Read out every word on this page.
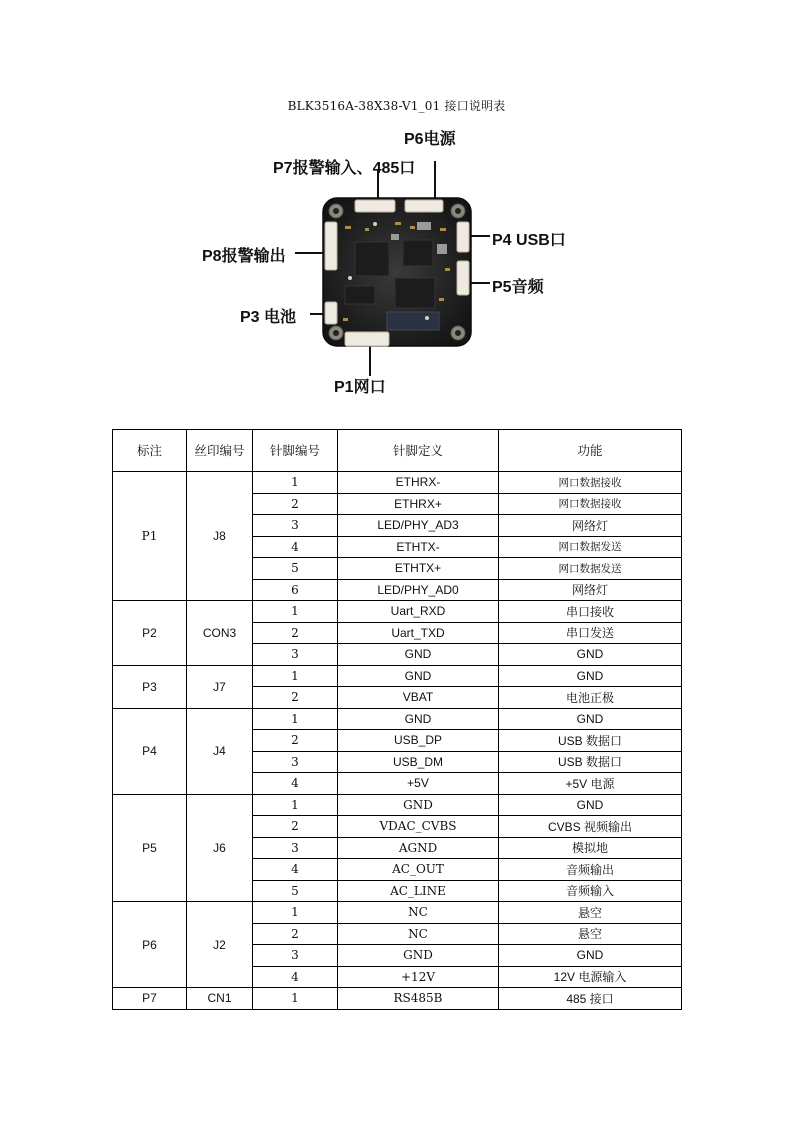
BLK3516A-38X38-V1_01 接口说明表
P6电源
P7报警输入、485口
P4 USB口
P8报警输出
P5音频
P3 电池
P1网口
标注	丝印编号	针脚编号	针脚定义	功能
P1	J8	1	ETHRX-	网口数据接收
		2	ETHRX+	网口数据接收
		3	LED/PHY_AD3	网络灯
		4	ETHTX-	网口数据发送
		5	ETHTX+	网口数据发送
		6	LED/PHY_AD0	网络灯
P2	CON3	1	Uart_RXD	串口接收
		2	Uart_TXD	串口发送
		3	GND	GND
P3	J7	1	GND	GND
		2	VBAT	电池正极
P4	J4	1	GND	GND
		2	USB_DP	USB 数据口
		3	USB_DM	USB 数据口
		4	+5V	+5V 电源
P5	J6	1	GND	GND
		2	VDAC_CVBS	CVBS 视频输出
		3	AGND	模拟地
		4	AC_OUT	音频输出
		5	AC_LINE	音频输入
P6	J2	1	NC	悬空
		2	NC	悬空
		3	GND	GND
		4	+12V	12V 电源输入
P7	CN1	1	RS485B	485 接口
